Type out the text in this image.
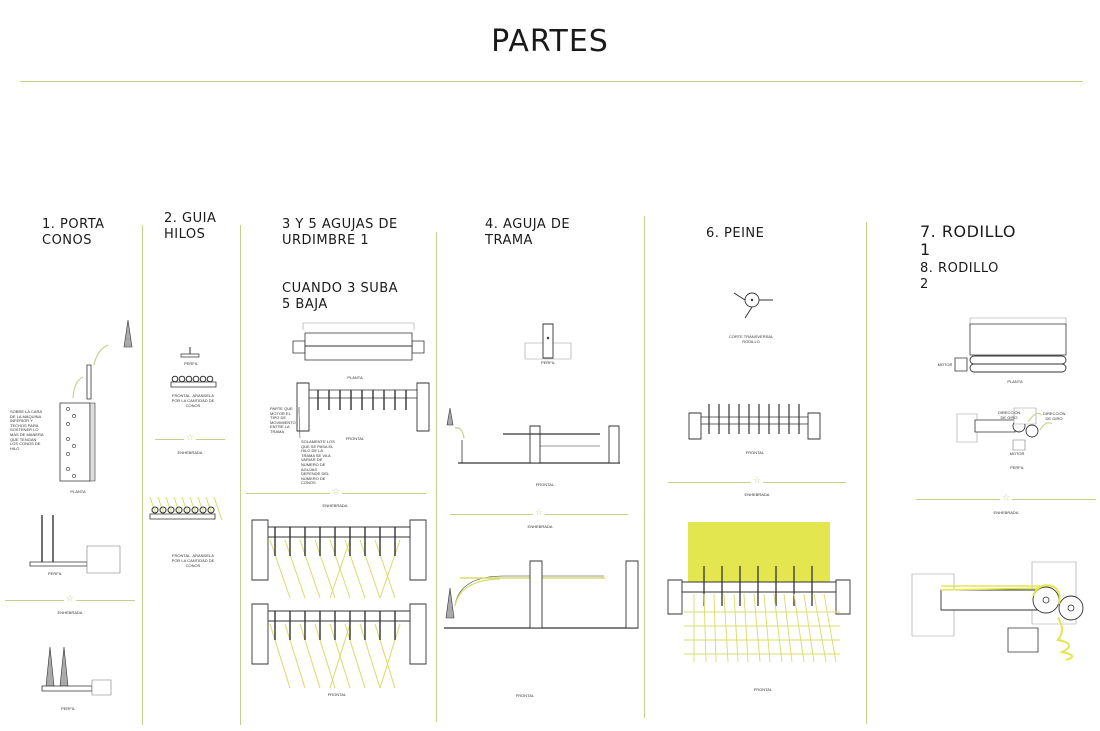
PARTES
1. PORTA
CONOS
2. GUIA
HILOS
3 Y 5 AGUJAS DE
URDIMBRE 1
CUANDO 3 SUBA
5 BAJA
4. AGUJA DE
TRAMA	6. PEINE	7. RODILLO
1
8. RODILLO
2
SOBRE LA CARA DE LA MÁQUINA INFERIOR Y TECHOS PARA SOSTENER LO MÁS DE MANERA QUE TENGAN LOS CONOS DE HILO
PLANTA
PERFIL
☆
ENHEBRADA
PERFIL
PERFIL
FRONTAL. ARANDELA POR LA CANTIDAD DE CONOS
☆
ENHEBRADA
FRONTAL. ARANDELA POR LA CANTIDAD DE CONOS
PLANTA
PARTE QUE MOTOR EL TIPO DE MOVIMIENTO ENTRE LA TRAMA
SOLAMENTE LOS QUE SE PASA EL HILO DE LA TRAMA SE VA A VARIAR DE NÚMERO DE AGUJAS DEPENDE DEL NÚMERO DE CONOS
FRONTAL
☆
ENHEBRADA
FRONTAL
PERFIL
FRONTAL
☆
ENHEBRADA
FRONTAL
CORTE TRANSVERSAL RODILLO
FRONTAL
☆
ENHEBRADA
FRONTAL
MOTOR
PLANTA
DIRECCIÓN DE GIRO
DIRECCIÓN DE GIRO
MOTOR
PERFIL
☆
ENHEBRADA
